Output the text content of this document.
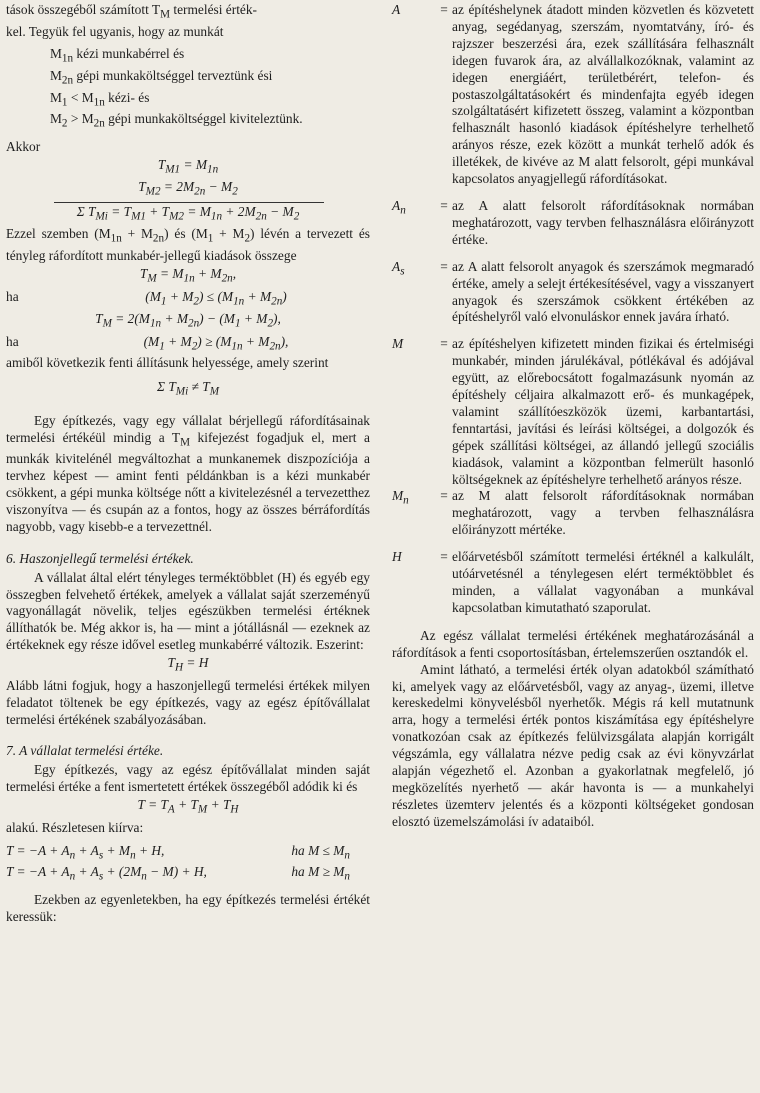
tások összegéből számított $T_M$ termelési érték-

kel. Tegyük fel ugyanis, hogy az munkát

$M_{1n}$ kézi munkabérrel és

$M_{2n}$ gépi munkaköltséggel terveztünk ési

$M_1 < M_{1n}$ kézi- és

$M_2 > M_{2n}$ gépi munkaköltséggel kiviteleztünk.

Akkor

$T_{M1} = M_{1n}$

$T_{M2} = 2M_{2n} - M_2$

Σ $T_{Mi} = T_{M1} + T_{M2} = M_{1n} + 2M_{2n} - M_2$

Ezzel szemben $(M_{1n} + M_{2n})$ és $(M_1 + M_2)$ lévén a tervezett és tényleg ráfordított munkabér-jellegű kiadások összege

$T_M = M_{1n} + M_{2n}$,

ha	$(M_1 + M_2) \le (M_{1n} + M_{2n})$

$T_M = 2(M_{1n} + M_{2n}) - (M_1 + M_2)$,

ha	$(M_1 + M_2) \ge (M_{1n} + M_{2n})$,

amiből következik fenti állításunk helyessége, amely szerint

Σ $T_{Mi} \ne T_M$

Egy építkezés, vagy egy vállalat bérjellegű ráfordításainak termelési értékéül mindig a $T_M$ kifejezést fogadjuk el, mert a munkák kivitelénél megváltozhat a munkanemek diszpozíciója a tervhez képest — amint fenti példánkban is a kézi munkabér csökkent, a gépi munka költsége nőtt a kivitelezésnél a tervezetthez viszonyítva — és csupán az a fontos, hogy az összes bérráfordítás nagyobb, vagy kisebb-e a tervezettnél.

6. Haszonjellegű termelési értékek.

A vállalat által elért tényleges terméktöbblet (H) és egyéb egy összegben felvehető értékek, amelyek a vállalat saját szerzeményű vagyonállagát növelik, teljes egészükben termelési értéknek állíthatók be. Még akkor is, ha — mint a jótállásnál — ezeknek az értékeknek egy része idővel esetleg munkabérré változik. Eszerint:

$T_H = H$

Alább látni fogjuk, hogy a haszonjellegű termelési értékek milyen feladatot töltenek be egy építkezés, vagy az egész építővállalat termelési értékének szabályozásában.

7. A vállalat termelési értéke.

Egy építkezés, vagy az egész építővállalat minden saját termelési értéke a fent ismertetett értékek összegéből adódik ki és

$T = T_A + T_M + T_H$

alakú. Részletesen kiírva:

$T = -A + A_n + A_s + M_n + H$,	ha $M \le M_n$
$T = -A + A_n + A_s + (2M_n - M) + H$,	ha $M \ge M_n$

Ezekben az egyenletekben, ha egy építkezés termelési értékét keressük:

A	= az építéshelynek átadott minden közvetlen és közvetett anyag, segédanyag, szerszám, nyomtatvány, író- és rajzszer beszerzési ára, ezek szállítására felhasznált idegen fuvarok ára, az alvállalkozóknak, valamint az idegen energiáért, területbérért, telefon- és postaszolgáltatásokért és mindenfajta egyéb idegen szolgáltatásért kifizetett összeg, valamint a központban felhasznált hasonló kiadások építéshelyre terhelhető arányos része, ezek között a munkát terhelő adók és illetékek, de kivéve az M alatt felsorolt, gépi munkával kapcsolatos anyagjellegű ráfordításokat.
$A_n$	= az A alatt felsorolt ráfordításoknak normában meghatározott, vagy tervben felhasználásra előirányzott értéke.
$A_s$	= az A alatt felsorolt anyagok és szerszámok megmaradó értéke, amely a selejt értékesítésével, vagy a visszanyert anyagok és szerszámok csökkent értékében az építéshelyről való elvonuláskor ennek javára írható.
M	= az építéshelyen kifizetett minden fizikai és értelmiségi munkabér, minden járulékával, pótlékával és adójával együtt, az előrebocsátott fogalmazásunk nyomán az építéshely céljaira alkalmazott erő- és munkagépek, valamint szállítóeszközök üzemi, karbantartási, fenntartási, javítási és leírási költségei, a dolgozók és gépek szállítási költségei, az állandó jellegű szociális kiadások, valamint a központban felmerült hasonló költségeknek az építéshelyre terhelhető arányos része.
$M_n$	= az M alatt felsorolt ráfordításoknak normában meghatározott, vagy a tervben felhasználásra előirányzott mértéke.
H	= előárvetésből számított termelési értéknél a kalkulált, utóárvetésnél a ténylegesen elért terméktöbblet és minden, a vállalat vagyonában a munkával kapcsolatban kimutatható szaporulat.

Az egész vállalat termelési értékének meghatározásánál a ráfordítások a fenti csoportosításban, értelemszerűen osztandók el.

Amint látható, a termelési érték olyan adatokból számítható ki, amelyek vagy az előárvetésből, vagy az anyag-, üzemi, illetve kereskedelmi könyvelésből nyerhetők. Mégis rá kell mutatnunk arra, hogy a termelési érték pontos kiszámítása egy építéshelyre vonatkozóan csak az építkezés felülvizsgálata alapján korrigált végszámla, egy vállalatra nézve pedig csak az évi könyvzárlat alapján végezhető el. Azonban a gyakorlatnak megfelelő, jó megközelítés nyerhető — akár havonta is — a munkahelyi részletes üzemterv jelentés és a központi költségeket gondosan elosztó üzemelszámolási ív adataiból.
